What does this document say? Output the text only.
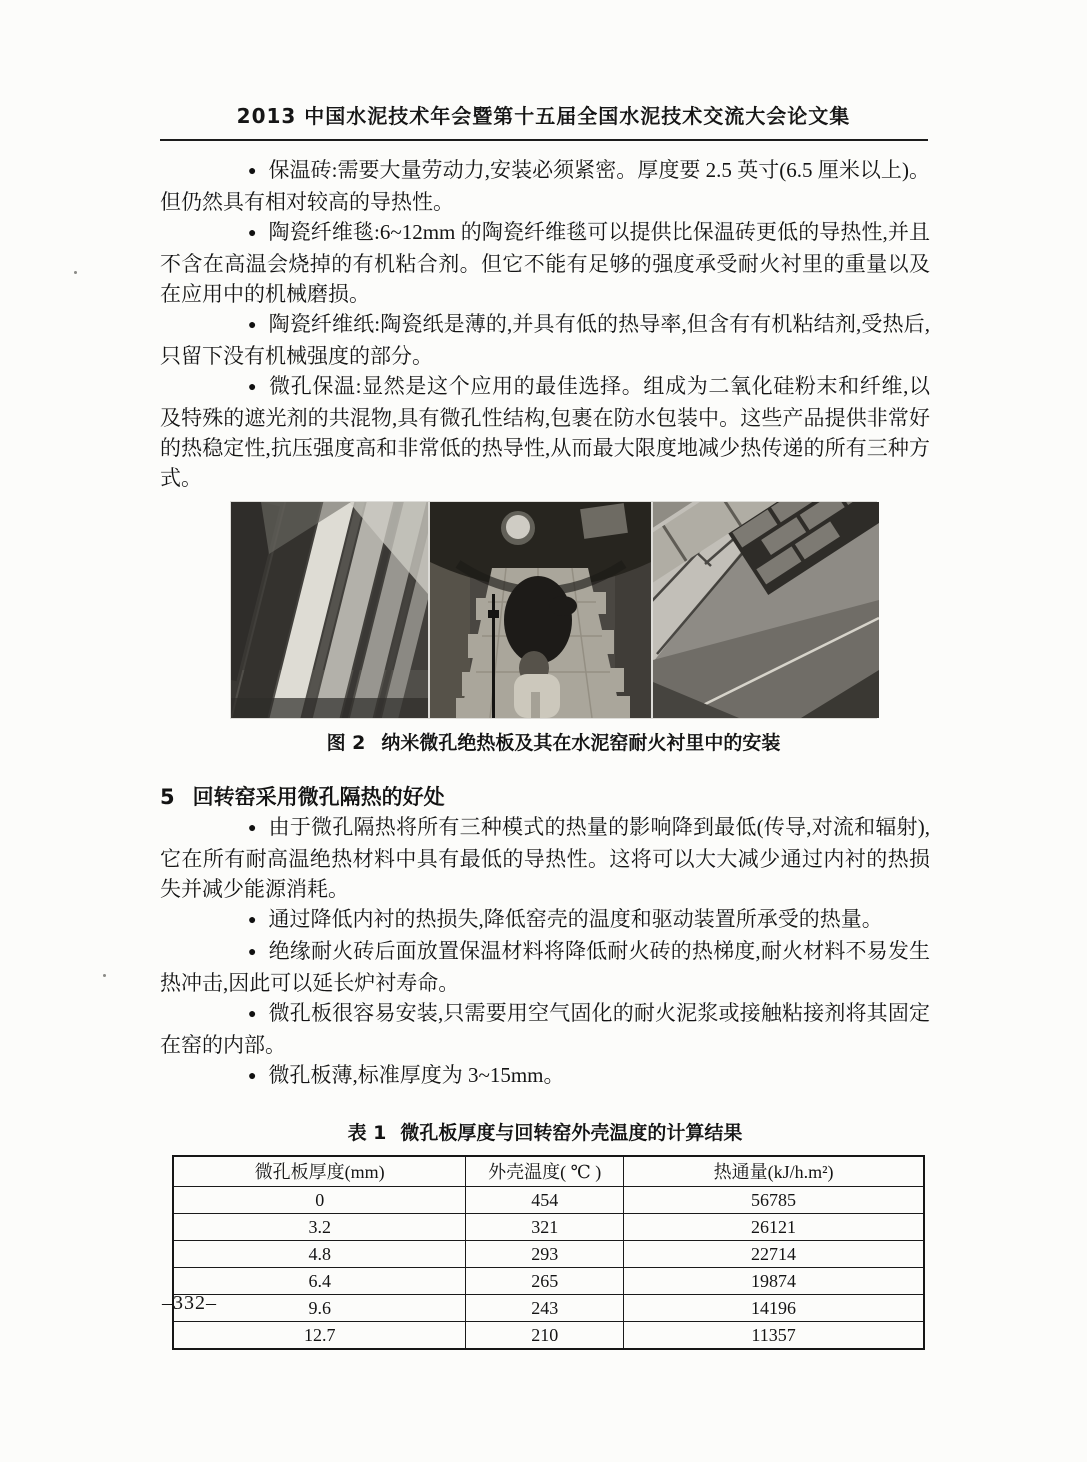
2013 中国水泥技术年会暨第十五届全国水泥技术交流大会论文集

● 保温砖:需要大量劳动力,安装必须紧密。厚度要 2.5 英寸(6.5 厘米以上)。但仍然具有相对较高的导热性。

● 陶瓷纤维毯:6~12mm 的陶瓷纤维毯可以提供比保温砖更低的导热性,并且不含在高温会烧掉的有机粘合剂。但它不能有足够的强度承受耐火衬里的重量以及在应用中的机械磨损。

● 陶瓷纤维纸:陶瓷纸是薄的,并具有低的热导率,但含有有机粘结剂,受热后,只留下没有机械强度的部分。

● 微孔保温:显然是这个应用的最佳选择。组成为二氧化硅粉末和纤维,以及特殊的遮光剂的共混物,具有微孔性结构,包裹在防水包装中。这些产品提供非常好的热稳定性,抗压强度高和非常低的热导性,从而最大限度地减少热传递的所有三种方式。

图 2 纳米微孔绝热板及其在水泥窑耐火衬里中的安装
5 回转窑采用微孔隔热的好处

● 由于微孔隔热将所有三种模式的热量的影响降到最低(传导,对流和辐射),它在所有耐高温绝热材料中具有最低的导热性。这将可以大大减少通过内衬的热损失并减少能源消耗。

● 通过降低内衬的热损失,降低窑壳的温度和驱动装置所承受的热量。

● 绝缘耐火砖后面放置保温材料将降低耐火砖的热梯度,耐火材料不易发生热冲击,因此可以延长炉衬寿命。

● 微孔板很容易安装,只需要用空气固化的耐火泥浆或接触粘接剂将其固定在窑的内部。

● 微孔板薄,标准厚度为 3~15mm。

表 1 微孔板厚度与回转窑外壳温度的计算结果
微孔板厚度(mm)	外壳温度( ℃ )	热通量(kJ/h.m²)
0	454	56785
3.2	321	26121
4.8	293	22714
6.4	265	19874
9.6	243	14196
12.7	210	11357
–332–
